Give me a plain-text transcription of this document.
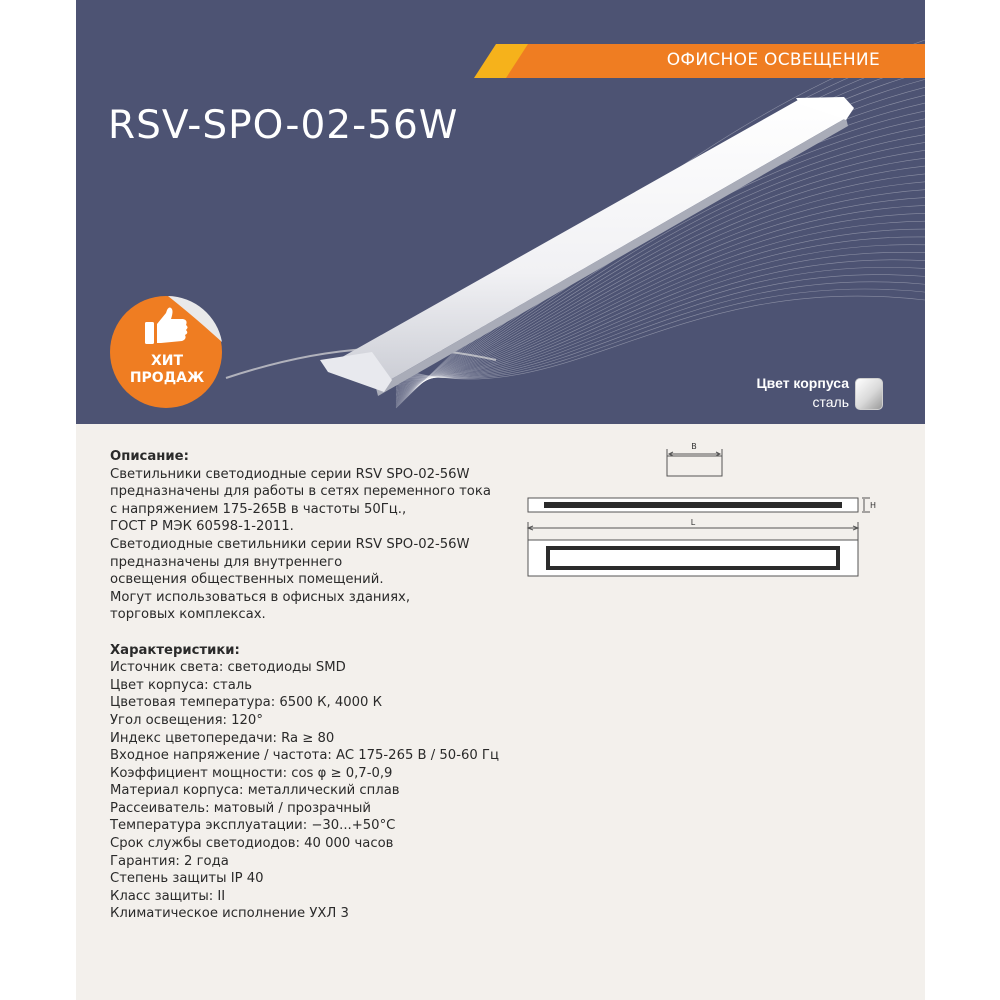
RSV-SPO-02-56W
ХИТ
ПРОДАЖ	Цвет корпуса
сталь
ОФИСНОЕ ОСВЕЩЕНИЕ
Описание:
Светильники светодиодные серии RSV SPO-02-56W
предназначены для работы в сетях переменного тока
с напряжением 175-265В в частоты 50Гц.,
ГОСТ Р МЭК 60598-1-2011.
Светодиодные светильники серии RSV SPO-02-56W
предназначены для внутреннего
освещения общественных помещений.
Могут использоваться в офисных зданиях,
торговых комплексах.
Характеристики:
Источник света: светодиоды SMD
Цвет корпуса: сталь
Цветовая температура: 6500 К, 4000 К
Угол освещения: 120°
Индекс цветопередачи: Ra ≥ 80
Входное напряжение / частота: AC 175-265 В / 50-60 Гц
Коэффициент мощности: cos φ ≥ 0,7-0,9
Материал корпуса: металлический сплав
Рассеиватель: матовый / прозрачный
Температура эксплуатации: −30...+50°С
Срок службы светодиодов: 40 000 часов
Гарантия: 2 года
Степень защиты IP 40
Класс защиты: II
Климатическое исполнение УХЛ 3
B
H
L
